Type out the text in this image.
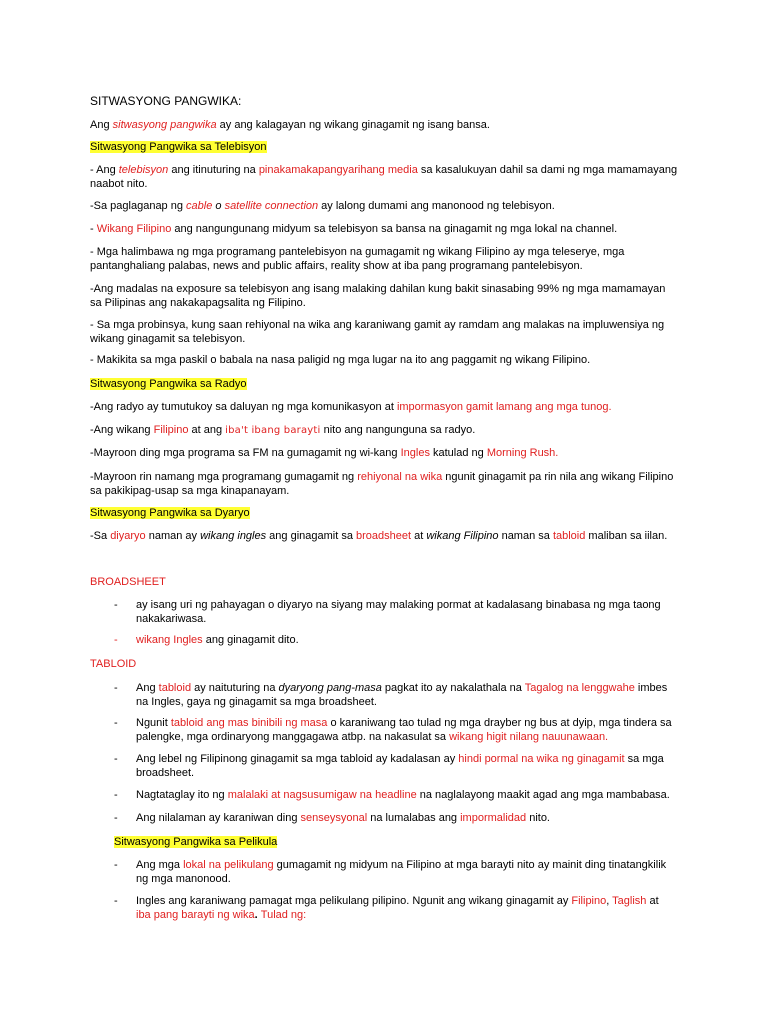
SITWASYONG PANGWIKA:

Ang sitwasyong pangwika ay ang kalagayan ng wikang ginagamit ng isang bansa.

Sitwasyong Pangwika sa Telebisyon

- Ang telebisyon ang itinuturing na pinakamakapangyarihang media sa kasalukuyan dahil sa dami ng mga mamamayang naabot nito.

-Sa paglaganap ng cable o satellite connection ay lalong dumami ang manonood ng telebisyon.

- Wikang Filipino ang nangungunang midyum sa telebisyon sa bansa na ginagamit ng mga lokal na channel.

- Mga halimbawa ng mga programang pantelebisyon na gumagamit ng wikang Filipino ay mga teleserye, mga pantanghaliang palabas, news and public affairs, reality show at iba pang programang pantelebisyon.

-Ang madalas na exposure sa telebisyon ang isang malaking dahilan kung bakit sinasabing 99% ng mga mamamayan sa Pilipinas ang nakakapagsalita ng Filipino.

- Sa mga probinsya, kung saan rehiyonal na wika ang karaniwang gamit ay ramdam ang malakas na impluwensiya ng wikang ginagamit sa telebisyon.

- Makikita sa mga paskil o babala na nasa paligid ng mga lugar na ito ang paggamit ng wikang Filipino.

Sitwasyong Pangwika sa Radyo

-Ang radyo ay tumutukoy sa daluyan ng mga komunikasyon at impormasyon gamit lamang ang mga tunog.

-Ang wikang Filipino at ang iba't ibang barayti nito ang nangunguna sa radyo.

-Mayroon ding mga programa sa FM na gumagamit ng wi-kang Ingles katulad ng Morning Rush.

-Mayroon rin namang mga programang gumagamit ng rehiyonal na wika ngunit ginagamit pa rin nila ang wikang Filipino sa pakikipag-usap sa mga kinapanayam.

Sitwasyong Pangwika sa Dyaryo

-Sa diyaryo naman ay wikang ingles ang ginagamit sa broadsheet at wikang Filipino naman sa tabloid maliban sa iilan.

BROADSHEET

-	ay isang uri ng pahayagan o diyaryo na siyang may malaking pormat at kadalasang binabasa ng mga taong nakakariwasa.

-	wikang Ingles ang ginagamit dito.

TABLOID

-	Ang tabloid ay naituturing na dyaryong pang-masa pagkat ito ay nakalathala na Tagalog na lenggwahe imbes na Ingles, gaya ng ginagamit sa mga broadsheet.

-	Ngunit tabloid ang mas binibili ng masa o karaniwang tao tulad ng mga drayber ng bus at dyip, mga tindera sa palengke, mga ordinaryong manggagawa atbp. na nakasulat sa wikang higit nilang nauunawaan.

-	Ang lebel ng Filipinong ginagamit sa mga tabloid ay kadalasan ay hindi pormal na wika ng ginagamit sa mga broadsheet.

-	Nagtataglay ito ng malalaki at nagsusumigaw na headline na naglalayong maakit agad ang mga mambabasa.

-	Ang nilalaman ay karaniwan ding senseysyonal na lumalabas ang impormalidad nito.

Sitwasyong Pangwika sa Pelikula

-	Ang mga lokal na pelikulang gumagamit ng midyum na Filipino at mga barayti nito ay mainit ding tinatangkilik ng mga manonood.

-	Ingles ang karaniwang pamagat mga pelikulang pilipino. Ngunit ang wikang ginagamit ay Filipino, Taglish at iba pang barayti ng wika. Tulad ng:
